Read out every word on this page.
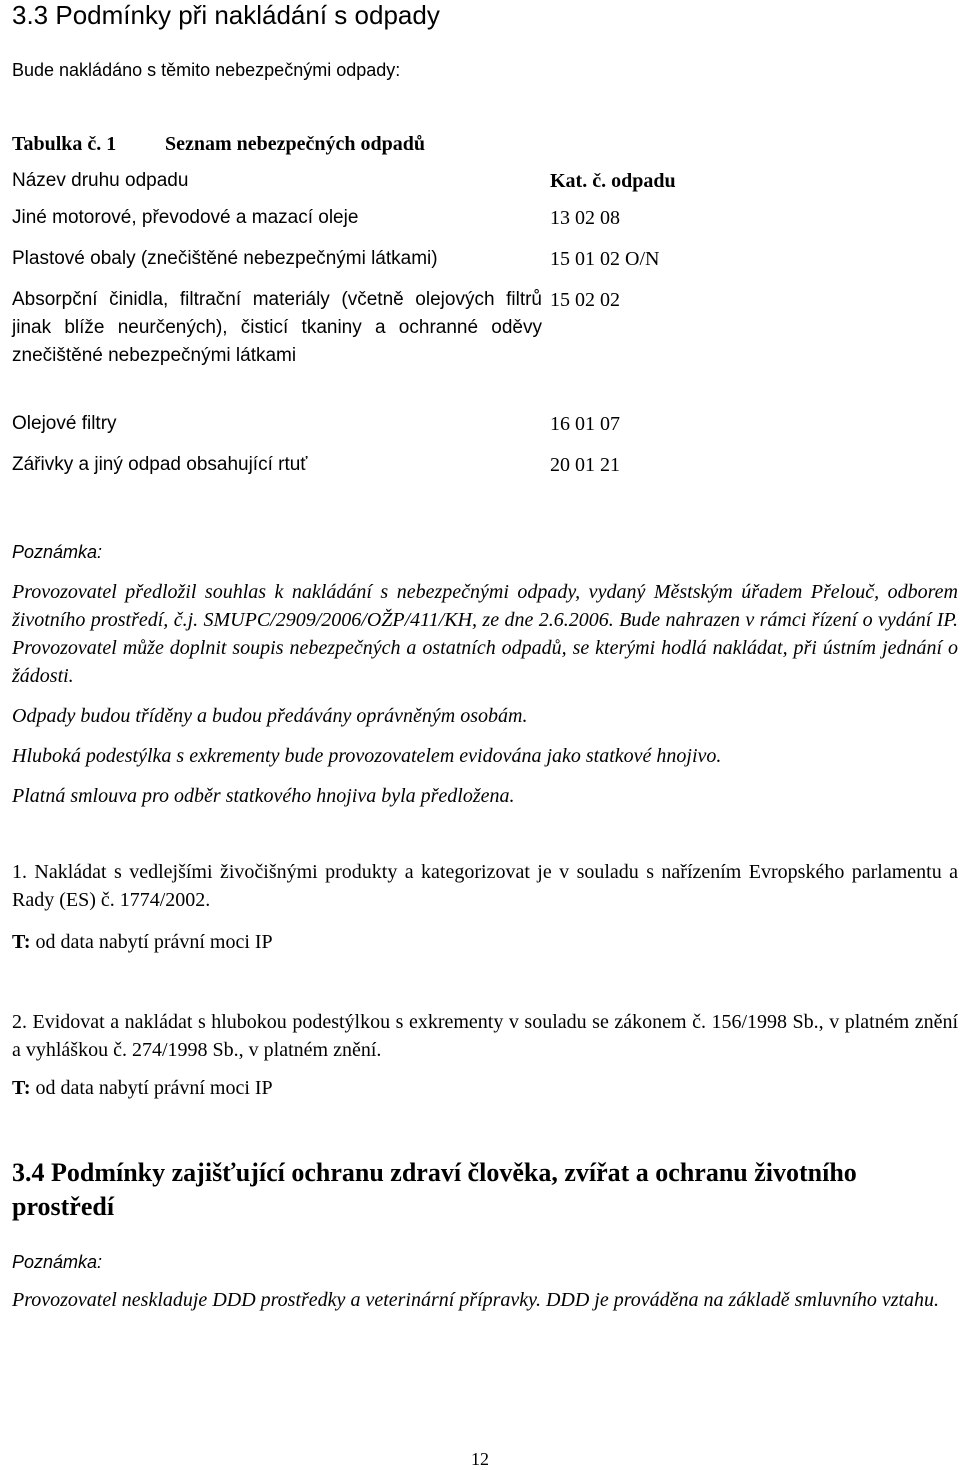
3.3 Podmínky při nakládání s odpady
Bude nakládáno s těmito nebezpečnými odpady:
Tabulka č. 1 Seznam nebezpečných odpadů
Název druhu odpadu	Kat. č. odpadu
Jiné motorové, převodové a mazací oleje	13 02 08
Plastové obaly (znečištěné nebezpečnými látkami)	15 01 02 O/N
Absorpční činidla, filtrační materiály (včetně olejových filtrů jinak blíže neurčených), čisticí tkaniny a ochranné oděvy znečištěné nebezpečnými látkami	15 02 02
Olejové filtry	16 01 07
Zářivky a jiný odpad obsahující rtuť	20 01 21
Poznámka:
Provozovatel předložil souhlas k nakládání s nebezpečnými odpady, vydaný Městským úřadem Přelouč, odborem životního prostředí, č.j. SMUPC/2909/2006/OŽP/411/KH, ze dne 2.6.2006. Bude nahrazen v rámci řízení o vydání IP. Provozovatel může doplnit soupis nebezpečných a ostatních odpadů, se kterými hodlá nakládat, při ústním jednání o žádosti.
Odpady budou tříděny a budou předávány oprávněným osobám.
Hluboká podestýlka s exkrementy bude provozovatelem evidována jako statkové hnojivo.
Platná smlouva pro odběr statkového hnojiva byla předložena.
1. Nakládat s vedlejšími živočišnými produkty a kategorizovat je v souladu s nařízením Evropského parlamentu a Rady (ES) č. 1774/2002.
T: od data nabytí právní moci IP
2. Evidovat a nakládat s hlubokou podestýlkou s exkrementy v souladu se zákonem č. 156/1998 Sb., v platném znění a vyhláškou č. 274/1998 Sb., v platném znění.
T: od data nabytí právní moci IP
3.4 Podmínky zajišťující ochranu zdraví člověka, zvířat a ochranu životního prostředí
Poznámka:
Provozovatel neskladuje DDD prostředky a veterinární přípravky. DDD je prováděna na základě smluvního vztahu.
12
